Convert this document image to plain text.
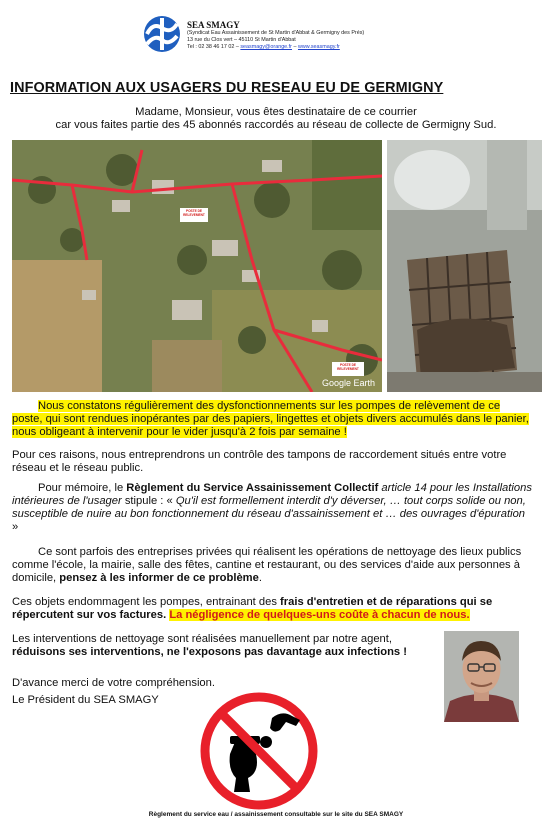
SEA SMAGY
(Syndicat Eau Assainissement de St Martin d'Abbat & Germigny des Prés)
13 rue du Clos vert – 45110 St Martin d'Abbat
Tel : 02 38 46 17 02 – seasmagy@orange.fr – www.seasmagy.fr
INFORMATION AUX USAGERS DU RESEAU EU DE GERMIGNY
Madame, Monsieur, vous êtes destinataire de ce courrier
car vous faites partie des 45 abonnés raccordés au réseau de collecte de Germigny Sud.
POSTE DE RELEVEMENT
POSTE DE RELEVEMENT
Google Earth
Nous constatons régulièrement des dysfonctionnements sur les pompes de relèvement de ce poste, qui sont rendues inopérantes par des papiers, lingettes et objets divers accumulés dans le panier, nous obligeant à intervenir pour le vider jusqu'à 2 fois par semaine !
Pour ces raisons, nous entreprendrons un contrôle des tampons de raccordement situés entre votre réseau et le réseau public.
Pour mémoire, le Règlement du Service Assainissement Collectif article 14 pour les Installations intérieures de l'usager stipule : « Qu'il est formellement interdit d'y déverser, … tout corps solide ou non, susceptible de nuire au bon fonctionnement du réseau d'assainissement et … des ouvrages d'épuration »
Ce sont parfois des entreprises privées qui réalisent les opérations de nettoyage des lieux publics comme l'école, la mairie, salle des fêtes, cantine et restaurant, ou des services d'aide aux personnes à domicile, pensez à les informer de ce problème.
Ces objets endommagent les pompes, entrainant des frais d'entretien et de réparations qui se répercutent sur vos factures. La négligence de quelques-uns coûte à chacun de nous.
Les interventions de nettoyage sont réalisées manuellement par notre agent, réduisons ses interventions, ne l'exposons pas davantage aux infections !
D'avance merci de votre compréhension.
Le Président du SEA SMAGY
Règlement du service eau / assainissement consultable sur le site du SEA SMAGY
